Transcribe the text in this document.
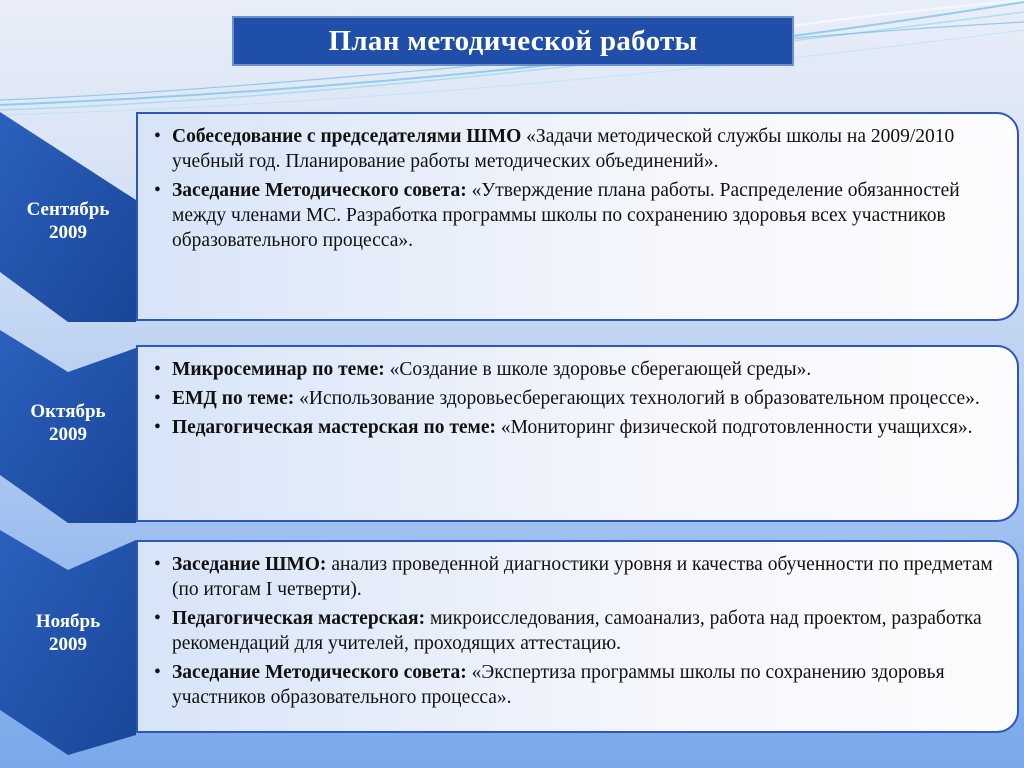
План методической работы
Сентябрь
2009
• Собеседование с председателями ШМО «Задачи методической службы школы на 2009/2010 учебный год. Планирование работы методических объединений».
• Заседание Методического совета: «Утверждение плана работы. Распределение обязанностей между членами МС. Разработка программы школы по сохранению здоровья всех участников образовательного процесса».
Октябрь
2009
• Микросеминар по теме: «Создание в школе здоровье сберегающей среды».
• ЕМД по теме: «Использование здоровьесберегающих технологий в образовательном процессе».
• Педагогическая мастерская по теме: «Мониторинг физической подготовленности учащихся».
Ноябрь
2009
• Заседание ШМО: анализ проведенной диагностики уровня и качества обученности по предметам (по итогам I четверти).
• Педагогическая мастерская: микроисследования, самоанализ, работа над проектом, разработка рекомендаций для учителей, проходящих аттестацию.
• Заседание Методического совета: «Экспертиза программы школы по сохранению здоровья участников образовательного процесса».
